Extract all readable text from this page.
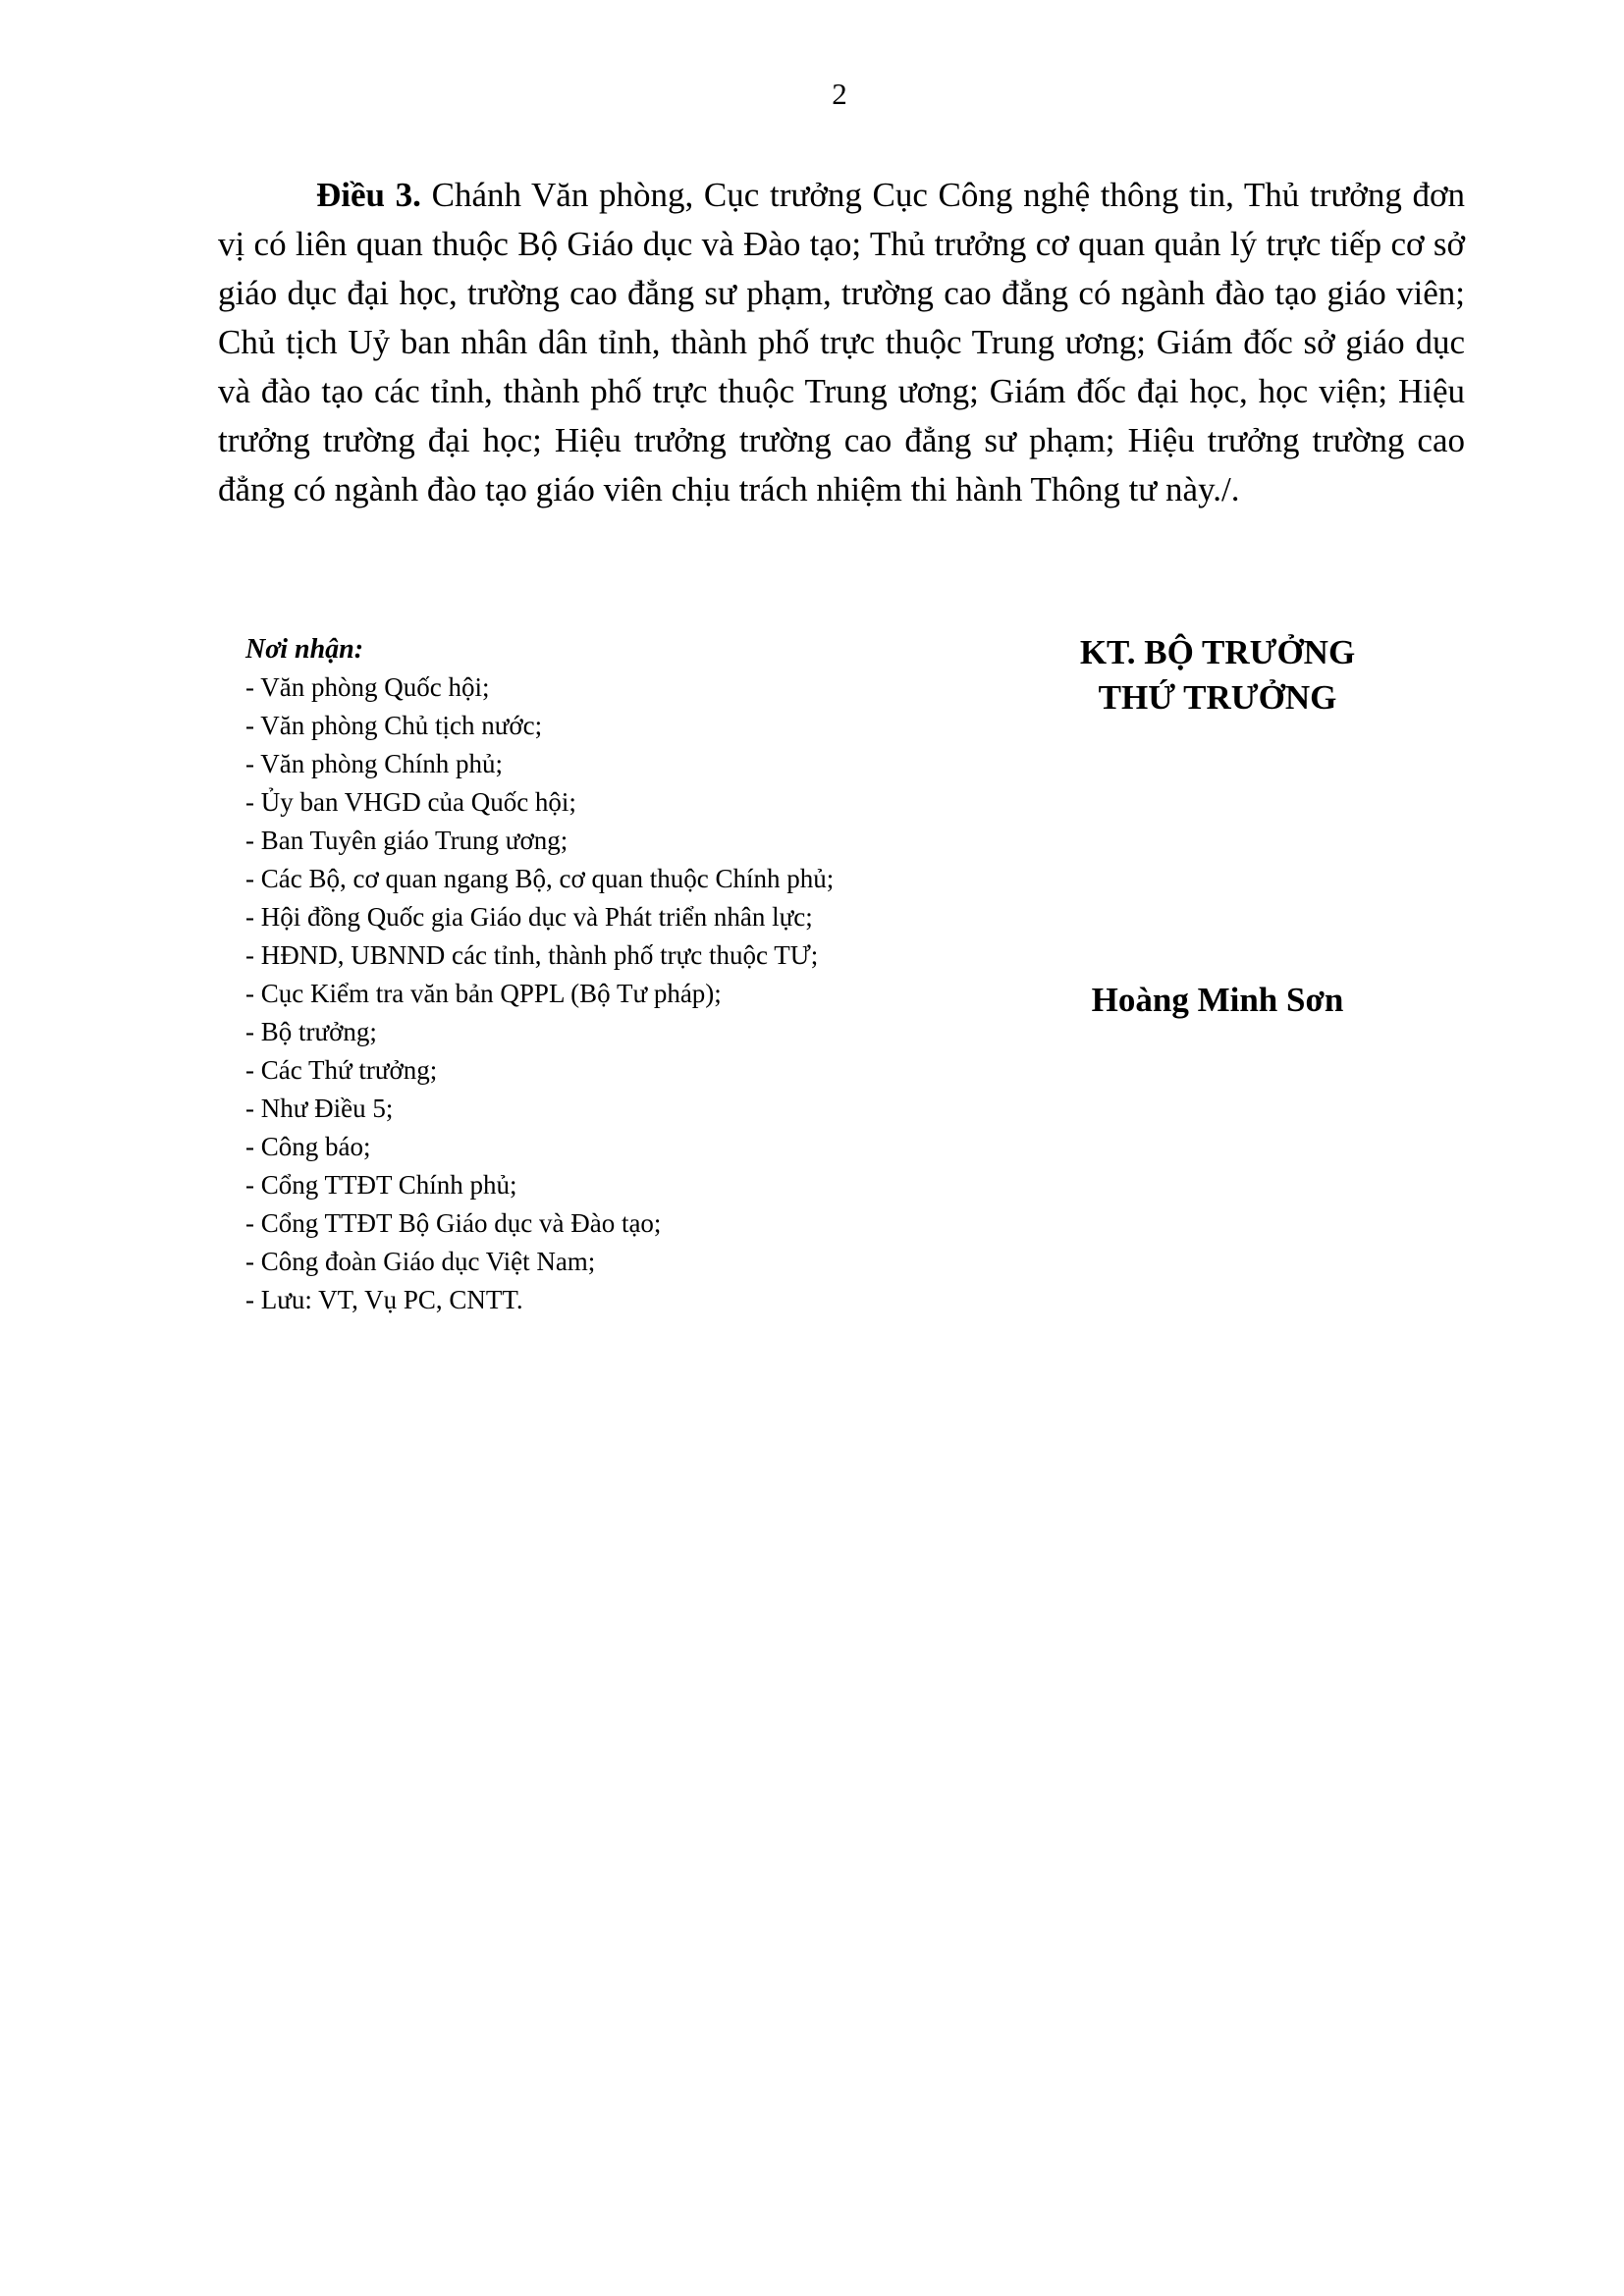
2

Điều 3. Chánh Văn phòng, Cục trưởng Cục Công nghệ thông tin, Thủ trưởng đơn vị có liên quan thuộc Bộ Giáo dục và Đào tạo; Thủ trưởng cơ quan quản lý trực tiếp cơ sở giáo dục đại học, trường cao đẳng sư phạm, trường cao đẳng có ngành đào tạo giáo viên; Chủ tịch Uỷ ban nhân dân tỉnh, thành phố trực thuộc Trung ương; Giám đốc sở giáo dục và đào tạo các tỉnh, thành phố trực thuộc Trung ương; Giám đốc đại học, học viện; Hiệu trưởng trường đại học; Hiệu trưởng trường cao đẳng sư phạm; Hiệu trưởng trường cao đẳng có ngành đào tạo giáo viên chịu trách nhiệm thi hành Thông tư này./.

Nơi nhận:
- Văn phòng Quốc hội;
- Văn phòng Chủ tịch nước;
- Văn phòng Chính phủ;
- Ủy ban VHGD của Quốc hội;
- Ban Tuyên giáo Trung ương;
- Các Bộ, cơ quan ngang Bộ, cơ quan thuộc Chính phủ;
- Hội đồng Quốc gia Giáo dục và Phát triển nhân lực;
- HĐND, UBNND các tỉnh, thành phố trực thuộc TƯ;
- Cục Kiểm tra văn bản QPPL (Bộ Tư pháp);
- Bộ trưởng;
- Các Thứ trưởng;
- Như Điều 5;
- Công báo;
- Cổng TTĐT Chính phủ;
- Cổng TTĐT Bộ Giáo dục và Đào tạo;
- Công đoàn Giáo dục Việt Nam;
- Lưu: VT, Vụ PC, CNTT.
KT. BỘ TRƯỞNG
THỨ TRƯỞNG
Hoàng Minh Sơn
